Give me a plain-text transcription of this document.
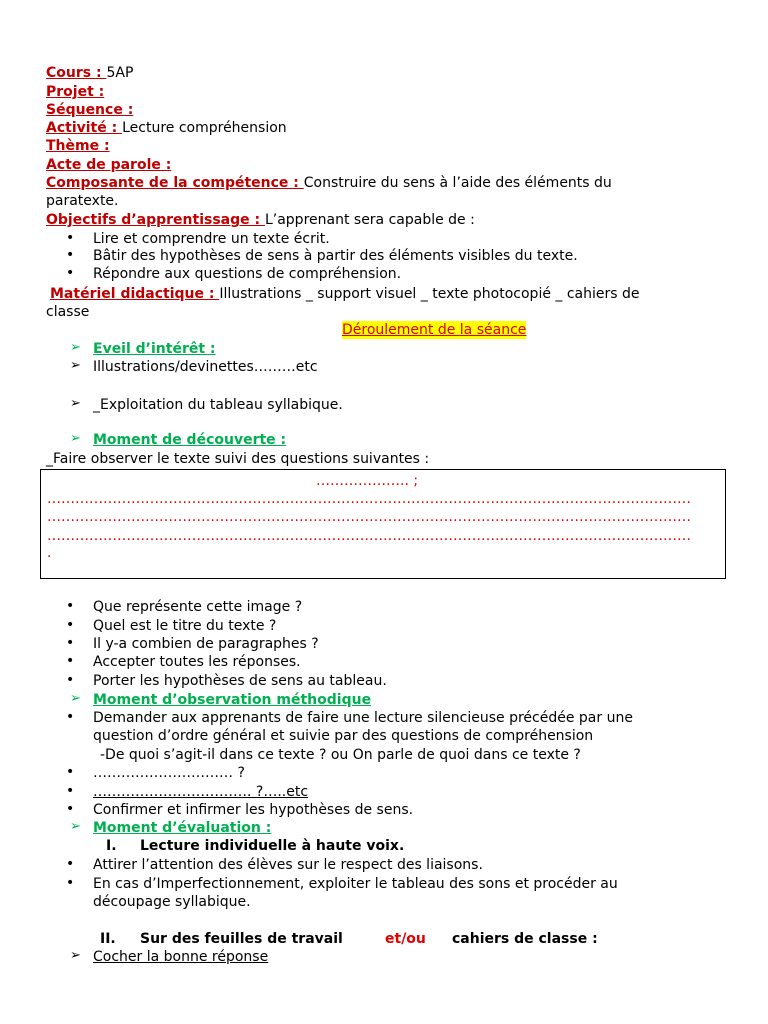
Cours : 5AP
Projet :
Séquence :
Activité : Lecture compréhension
Thème :
Acte de parole :
Composante de la compétence : Construire du sens à l’aide des éléments du
paratexte.
Objectifs d’apprentissage : L’apprenant sera capable de :
• Lire et comprendre un texte écrit.
• Bâtir des hypothèses de sens à partir des éléments visibles du texte.
• Répondre aux questions de compréhension.
Matériel didactique : Illustrations _ support visuel _ texte photocopié _ cahiers de
classe
Déroulement de la séance
➢ Eveil d’intérêt :
➢ Illustrations/devinettes………etc
➢ _Exploitation du tableau syllabique.
➢ Moment de découverte :
_Faire observer le texte suivi des questions suivantes :
……………….. ;
…………………………………………………………………………………………………………………………
…………………………………………………………………………………………………………………………
…………………………………………………………………………………………………………………………
.
• Que représente cette image ?
• Quel est le titre du texte ?
• Il y-a combien de paragraphes ?
• Accepter toutes les réponses.
• Porter les hypothèses de sens au tableau.
➢ Moment d’observation méthodique
• Demander aux apprenants de faire une lecture silencieuse précédée par une
question d’ordre général et suivie par des questions de compréhension
-De quoi s’agit-il dans ce texte ? ou On parle de quoi dans ce texte ?
• ………………………… ?
• ……………………………. ?…..etc
• Confirmer et infirmer les hypothèses de sens.
➢ Moment d’évaluation :
I. Lecture individuelle à haute voix.
• Attirer l’attention des élèves sur le respect des liaisons.
• En cas d’Imperfectionnement, exploiter le tableau des sons et procéder au
découpage syllabique.
II. Sur des feuilles de travail	et/ou cahiers de classe :
➢ Cocher la bonne réponse
